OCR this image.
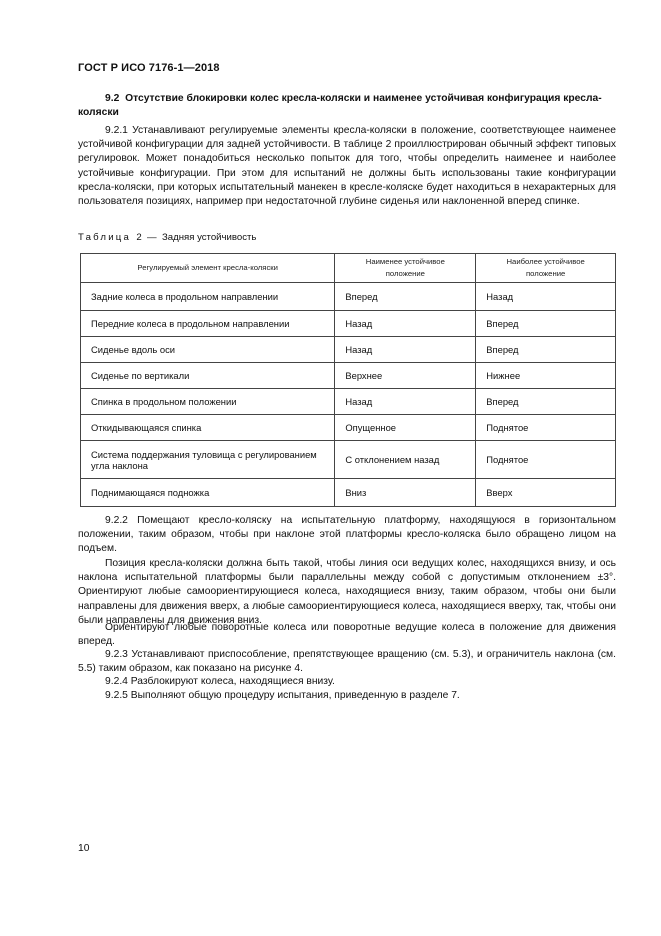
ГОСТ Р ИСО 7176-1—2018
9.2 Отсутствие блокировки колес кресла-коляски и наименее устойчивая конфигурация кресла-коляски

9.2.1 Устанавливают регулируемые элементы кресла-коляски в положение, соответствующее наименее устойчивой конфигурации для задней устойчивости. В таблице 2 проиллюстрирован обычный эффект типовых регулировок. Может понадобиться несколько попыток для того, чтобы определить наименее и наиболее устойчивые конфигурации. При этом для испытаний не должны быть использованы такие конфигурации кресла-коляски, при которых испытательный манекен в кресле-коляске будет находиться в нехарактерных для пользователя позициях, например при недостаточной глубине сиденья или наклоненной вперед спинке.

Таблица 2 — Задняя устойчивость
Регулируемый элемент кресла-коляски	Наименее устойчивое положение	Наиболее устойчивое положение
Задние колеса в продольном направлении	Вперед	Назад
Передние колеса в продольном направлении	Назад	Вперед
Сиденье вдоль оси	Назад	Вперед
Сиденье по вертикали	Верхнее	Нижнее
Спинка в продольном положении	Назад	Вперед
Откидывающаяся спинка	Опущенное	Поднятое
Система поддержания туловища с регулированием угла наклона	С отклонением назад	Поднятое
Поднимающаяся подножка	Вниз	Вверх

9.2.2 Помещают кресло-коляску на испытательную платформу, находящуюся в горизонтальном положении, таким образом, чтобы при наклоне этой платформы кресло-коляска было обращено лицом на подъем.

Позиция кресла-коляски должна быть такой, чтобы линия оси ведущих колес, находящихся внизу, и ось наклона испытательной платформы были параллельны между собой с допустимым отклонением ±3°. Ориентируют любые самоориентирующиеся колеса, находящиеся внизу, таким образом, чтобы они были направлены для движения вверх, а любые самоориентирующиеся колеса, находящиеся вверху, так, чтобы они были направлены для движения вниз.

Ориентируют любые поворотные колеса или поворотные ведущие колеса в положение для движения вперед.

9.2.3 Устанавливают приспособление, препятствующее вращению (см. 5.3), и ограничитель наклона (см. 5.5) таким образом, как показано на рисунке 4.

9.2.4 Разблокируют колеса, находящиеся внизу.

9.2.5 Выполняют общую процедуру испытания, приведенную в разделе 7.

10
